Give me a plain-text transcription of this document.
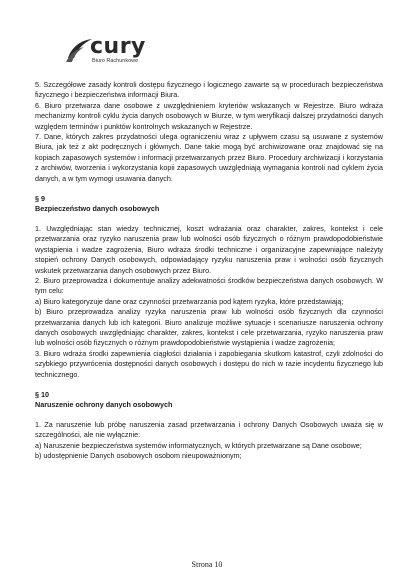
cury
Biuro Rachunkowe

5. Szczegółowe zasady kontroli dostępu fizycznego i logicznego zawarte są w procedurach bezpieczeństwa fizycznego i bezpieczeństwa informacji Biura.

6. Biuro przetwarza dane osobowe z uwzględnieniem kryteriów wskazanych w Rejestrze. Biuro wdraża mechanizmy kontroli cyklu życia danych osobowych w Biurze, w tym weryfikacji dalszej przydatności danych względem terminów i punktów kontrolnych wskazanych w Rejestrze.

7. Dane, których zakres przydatności ulega ograniczeniu wraz z upływem czasu są usuwane z systemów Biura, jak też z akt podręcznych i głównych. Dane takie mogą być archiwizowane oraz znajdować się na kopiach zapasowych systemów i informacji przetwarzanych przez Biuro. Procedury archiwizacji i korzystania z archiwów, tworzenia i wykorzystania kopii zapasowych uwzględniają wymagania kontroli nad cyklem życia danych, a w tym wymogi usuwania danych.

§ 9

Bezpieczeństwo danych osobowych

1. Uwzględniając stan wiedzy technicznej, koszt wdrażania oraz charakter, zakres, kontekst i cele przetwarzania oraz ryzyko naruszenia praw lub wolności osób fizycznych o różnym prawdopodobieństwie wystąpienia i wadze zagrożenia, Biuro wdraża środki techniczne i organizacyjne zapewniające należyty stopień ochrony Danych osobowych, odpowiadający ryzyku naruszenia praw i wolności osób fizycznych wskutek przetwarzania danych osobowych przez Biuro.

2. Biuro przeprowadza i dokumentuje analizy adekwatności środków bezpieczeństwa danych osobowych. W tym celu:

a) Biuro kategoryzuje dane oraz czynności przetwarzania pod kątem ryzyka, które przedstawiają;

b) Biuro przeprowadza analizy ryzyka naruszenia praw lub wolności osób fizycznych dla czynności przetwarzania danych lub ich kategorii. Biuro analizuje możliwe sytuacje i scenariusze naruszenia ochrony danych osobowych uwzględniając charakter, zakres, kontekst i cele przetwarzania, ryzyko naruszenia praw lub wolności osób fizycznych o różnym prawdopodobieństwie wystąpienia i wadze zagrożenia;

3. Biuro wdraża środki zapewnienia ciągłości działania i zapobiegania skutkom katastrof, czyli zdolności do szybkiego przywrócenia dostępności danych osobowych i dostępu do nich w razie incydentu fizycznego lub technicznego.

§ 10

Naruszenie ochrony danych osobowych

1. Za naruszenie lub próbę naruszenia zasad przetwarzania i ochrony Danych Osobowych uważa się w szczególności, ale nie wyłącznie:

a) Naruszenie bezpieczeństwa systemów informatycznych, w których przetwarzane są Dane osobowe;

b) udostępnienie Danych osobowych osobom nieupoważnionym;

Strona 10
